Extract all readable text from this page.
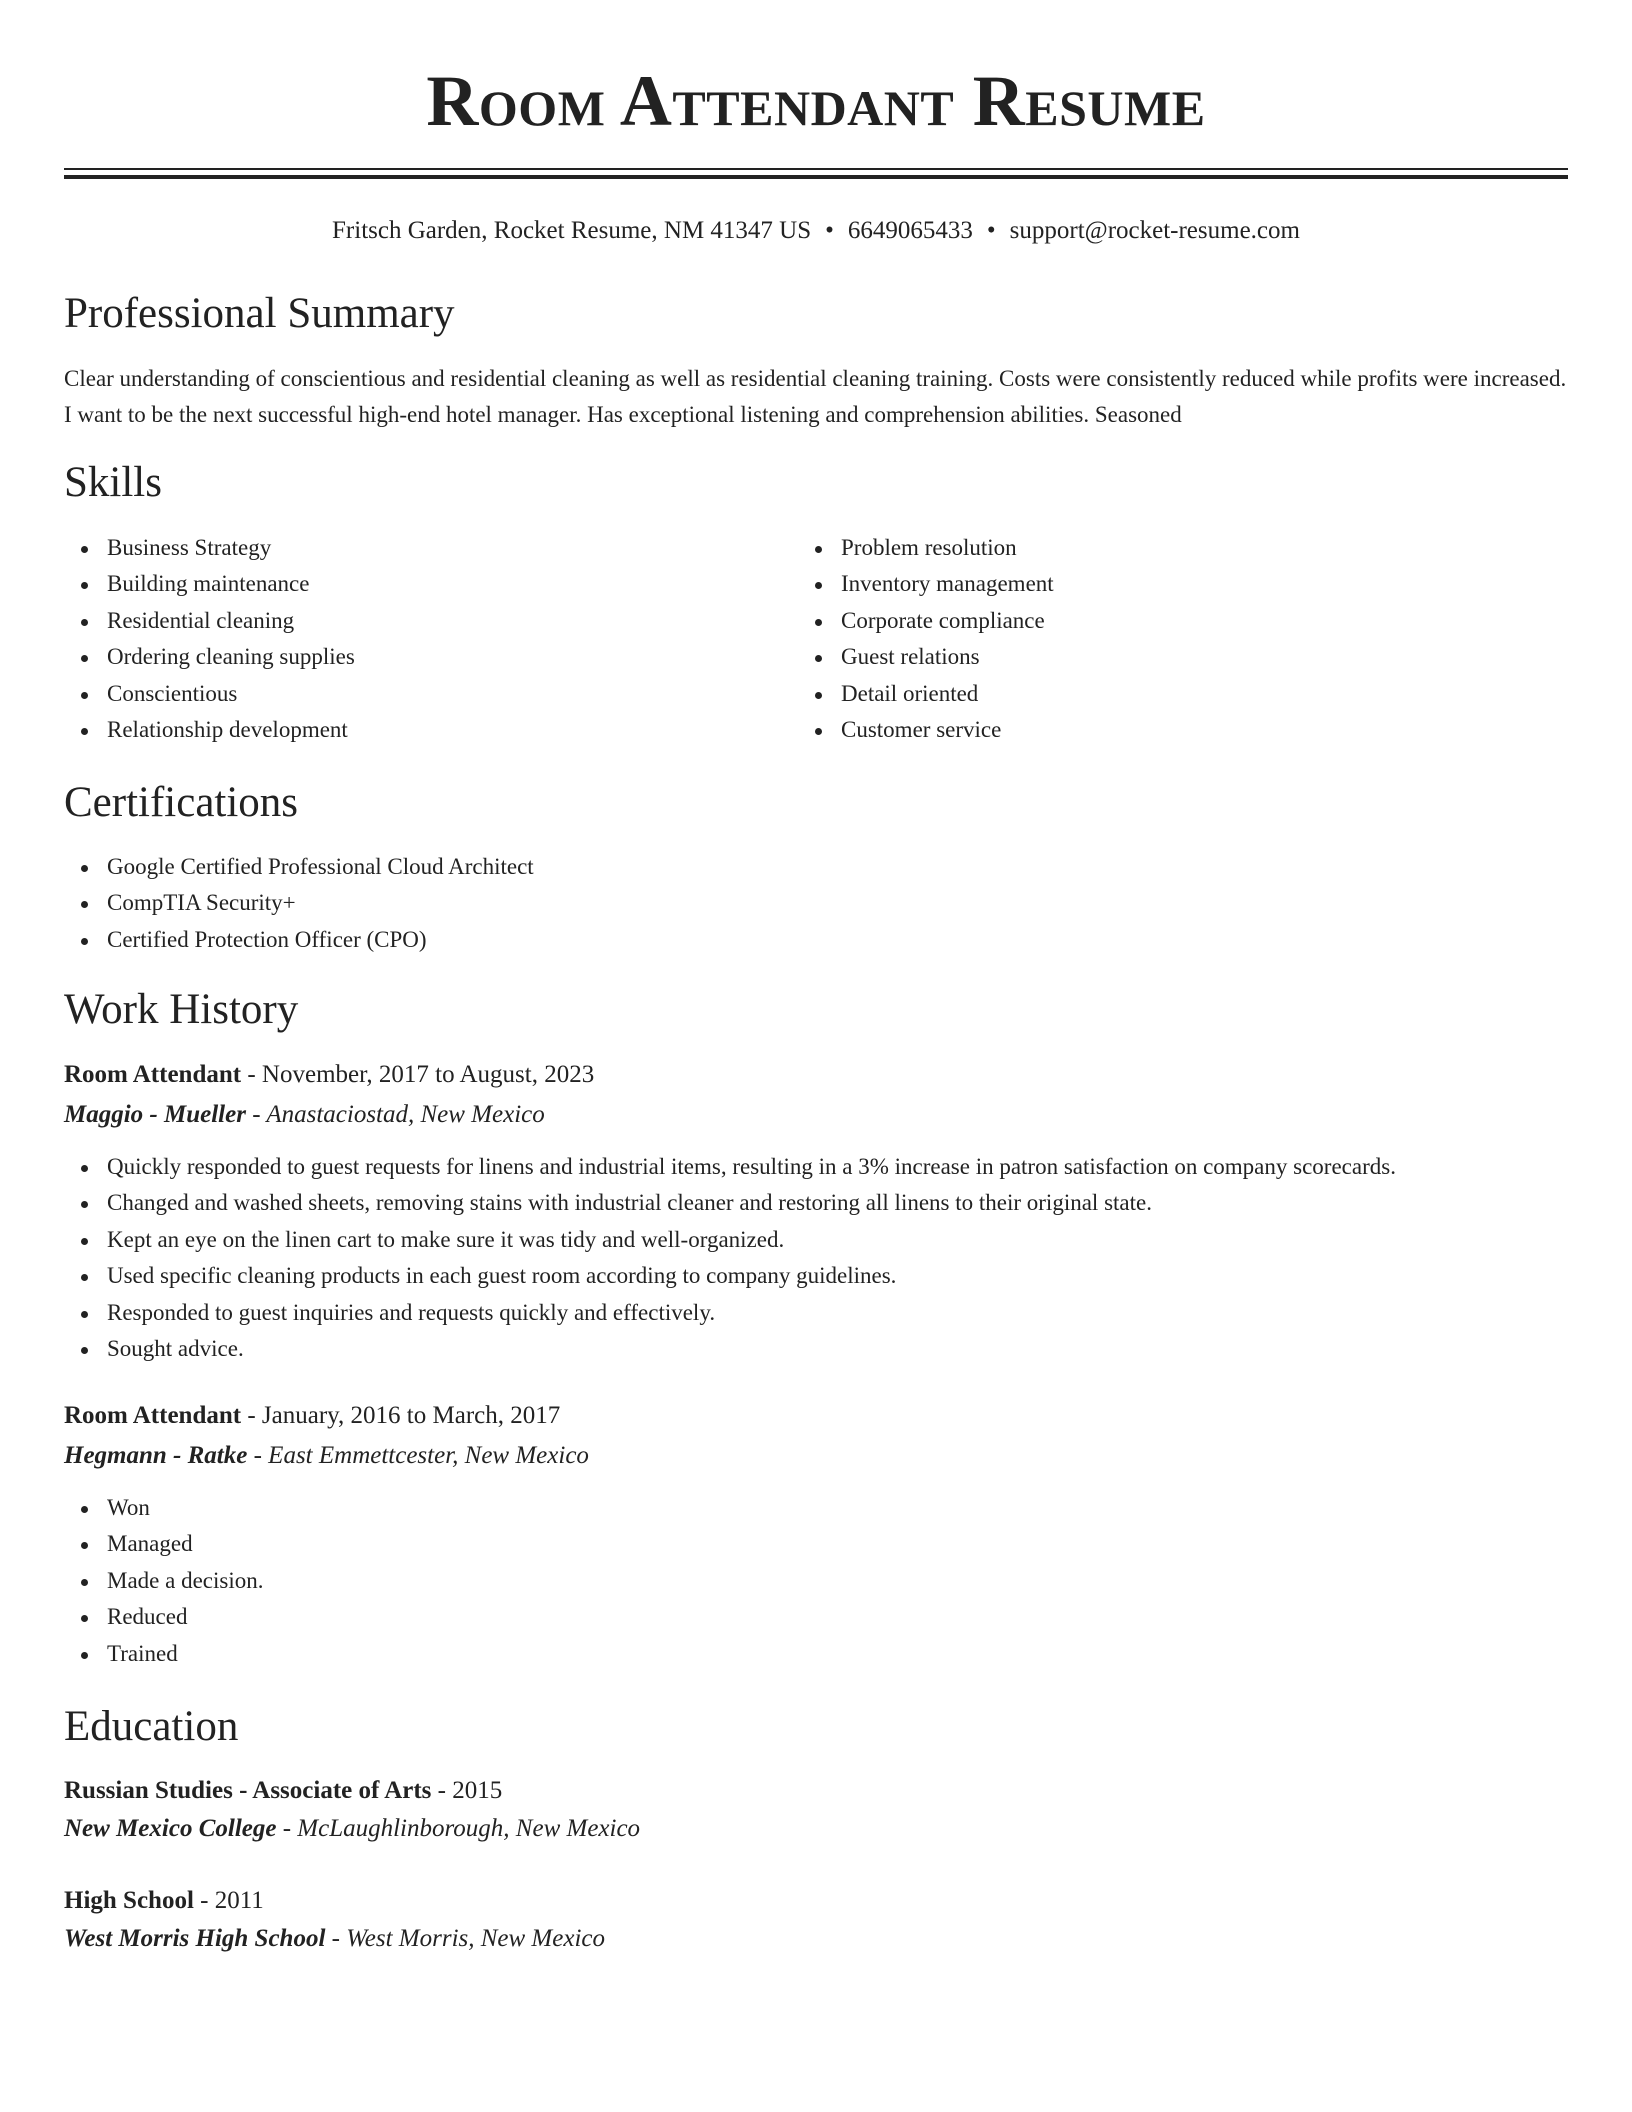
Room Attendant Resume
Fritsch Garden, Rocket Resume, NM 41347 US • 6649065433 • support@rocket-resume.com
Professional Summary

Clear understanding of conscientious and residential cleaning as well as residential cleaning training. Costs were consistently reduced while profits were increased. I want to be the next successful high-end hotel manager. Has exceptional listening and comprehension abilities. Seasoned

Skills
Business Strategy
Building maintenance
Residential cleaning
Ordering cleaning supplies
Conscientious
Relationship development
Problem resolution
Inventory management
Corporate compliance
Guest relations
Detail oriented
Customer service
Certifications
Google Certified Professional Cloud Architect
CompTIA Security+
Certified Protection Officer (CPO)
Work History

Room Attendant - November, 2017 to August, 2023

Maggio - Mueller - Anastaciostad, New Mexico

Quickly responded to guest requests for linens and industrial items, resulting in a 3% increase in patron satisfaction on company scorecards.
Changed and washed sheets, removing stains with industrial cleaner and restoring all linens to their original state.
Kept an eye on the linen cart to make sure it was tidy and well-organized.
Used specific cleaning products in each guest room according to company guidelines.
Responded to guest inquiries and requests quickly and effectively.
Sought advice.

Room Attendant - January, 2016 to March, 2017

Hegmann - Ratke - East Emmettcester, New Mexico

Won
Managed
Made a decision.
Reduced
Trained
Education

Russian Studies - Associate of Arts - 2015

New Mexico College - McLaughlinborough, New Mexico

High School - 2011

West Morris High School - West Morris, New Mexico
